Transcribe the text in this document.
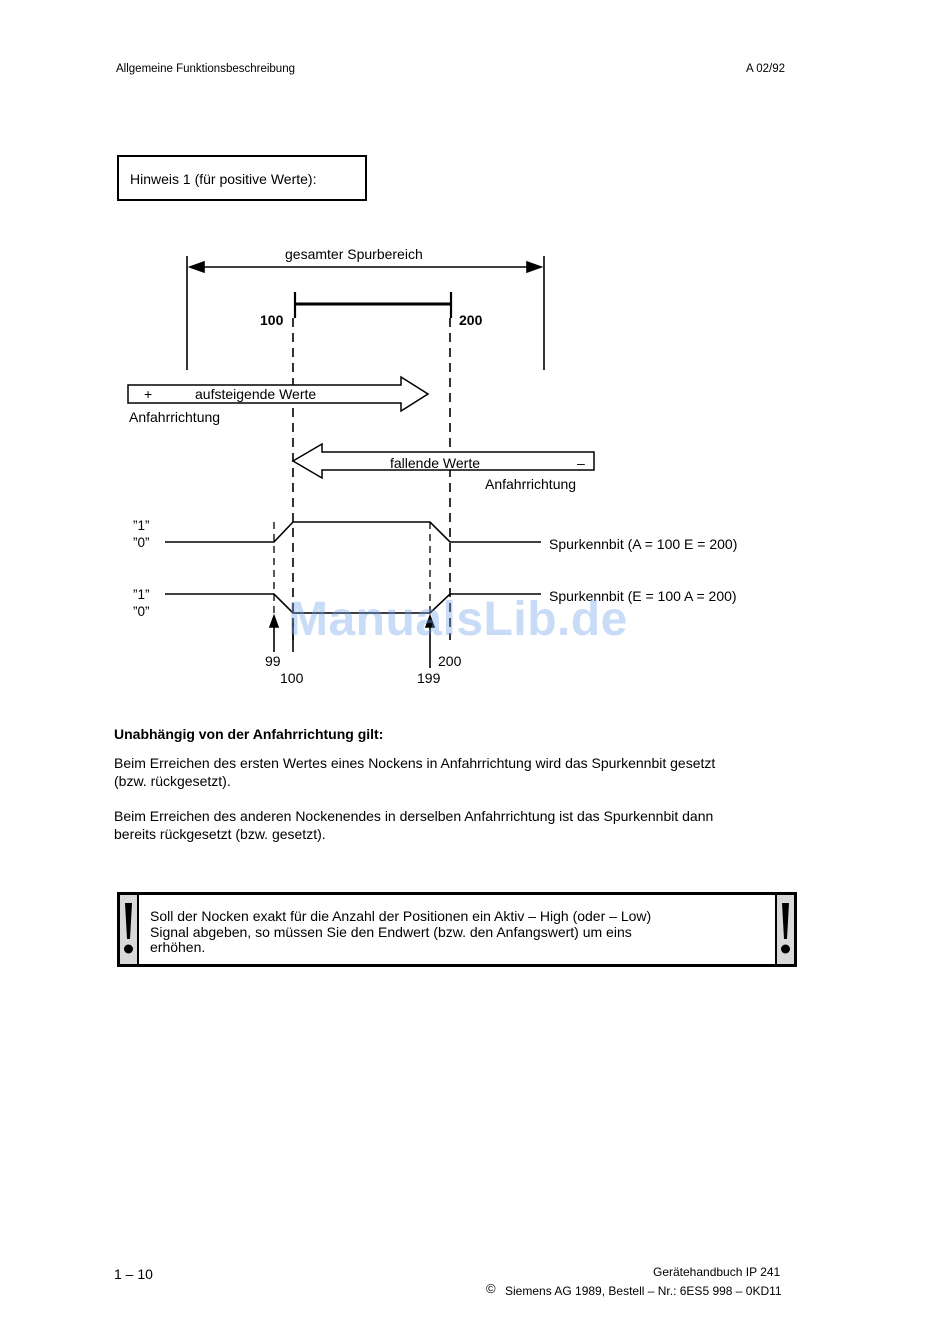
Allgemeine Funktionsbeschreibung	A 02/92
Hinweis 1 (für positive Werte):
gesamter Spurbereich
100	200
+	aufsteigende Werte
Anfahrrichtung
fallende Werte	–
Anfahrrichtung
”1”
”0”	Spurkennbit (A = 100 E = 200)
”1”
”0”
Spurkennbit (E = 100 A = 200)
99
100	199
200
ManualsLib.de
Unabhängig von der Anfahrrichtung gilt:
Beim Erreichen des ersten Wertes eines Nockens in Anfahrrichtung wird das Spurkennbit gesetzt
(bzw. rückgesetzt).
Beim Erreichen des anderen Nockenendes in derselben Anfahrrichtung ist das Spurkennbit dann
bereits rückgesetzt (bzw. gesetzt).
Soll der Nocken exakt für die Anzahl der Positionen ein Aktiv – High (oder – Low)
Signal abgeben, so müssen Sie den Endwert (bzw. den Anfangswert) um eins
erhöhen.
1 – 10	Gerätehandbuch IP 241
© Siemens AG 1989, Bestell – Nr.: 6ES5 998 – 0KD11
